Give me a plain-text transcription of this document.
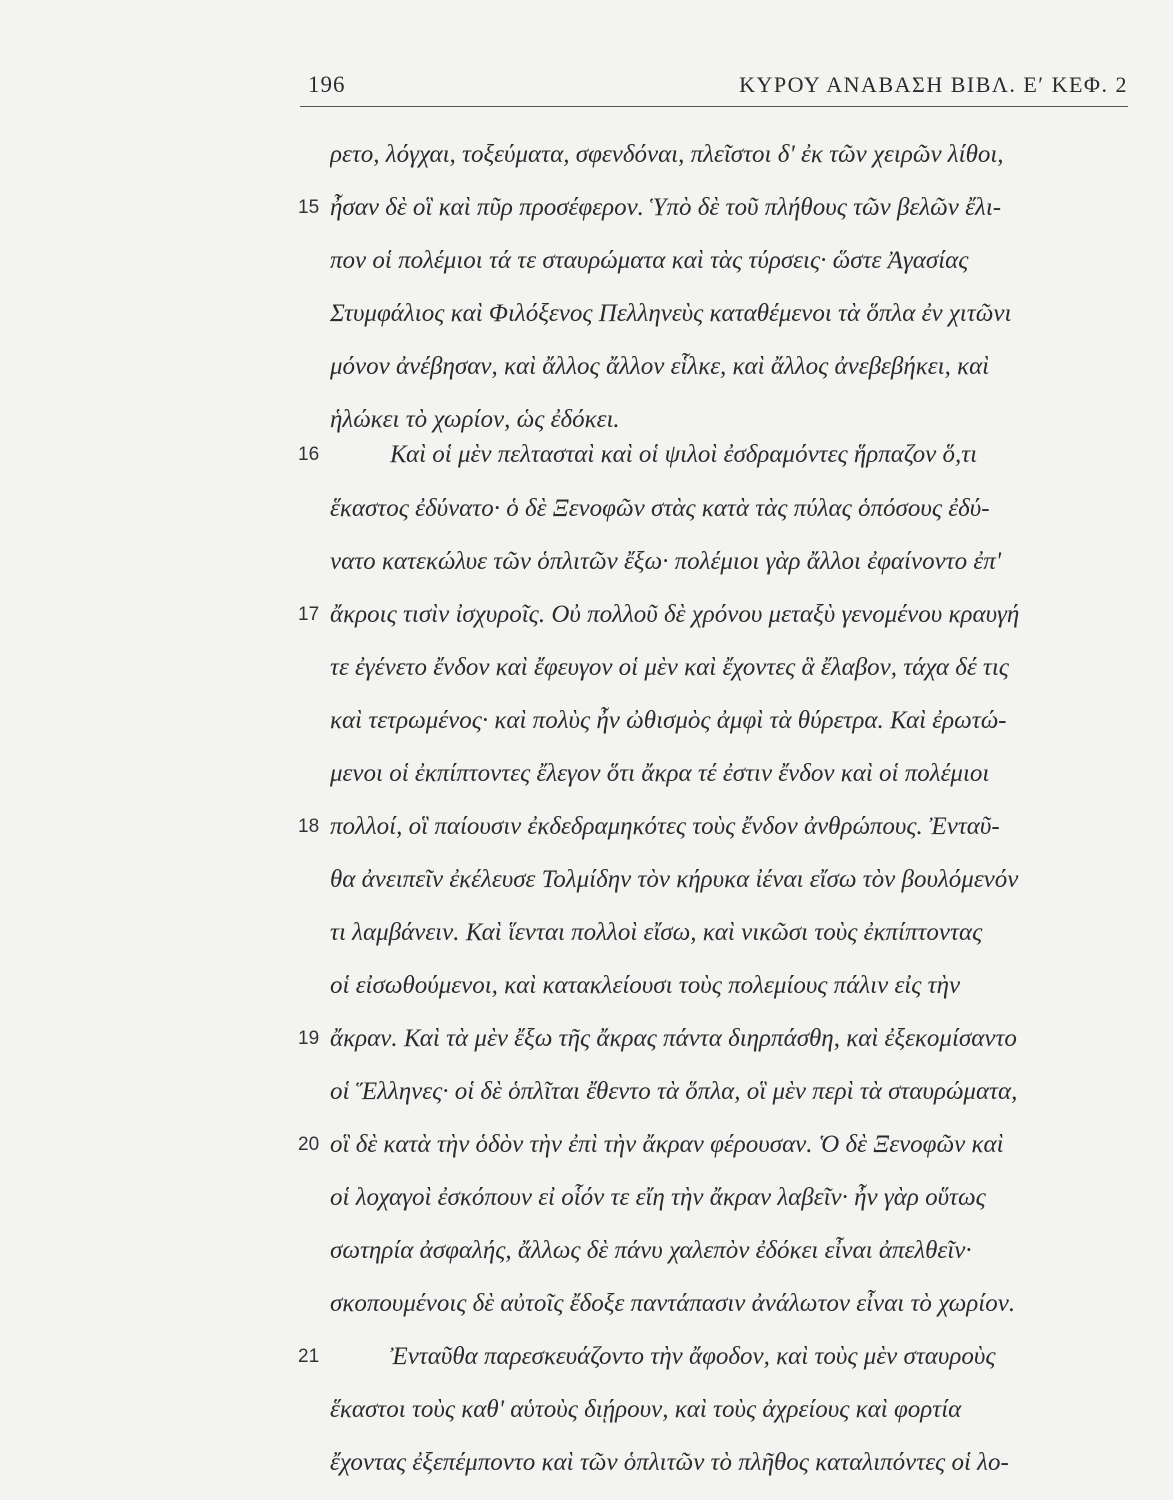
196	ΚΥΡΟΥ ΑΝΑΒΑΣΗ ΒΙΒΛ. Ε′ ΚΕΦ. 2
ρετο, λόγχαι, τοξεύματα, σφενδόναι, πλεῖστοι δ' ἐκ τῶν χειρῶν λίθοι,
ἦσαν δὲ οἳ καὶ πῦρ προσέφερον. Ὑπὸ δὲ τοῦ πλήθους τῶν βελῶν ἔλι-
πον οἱ πολέμιοι τά τε σταυρώματα καὶ τὰς τύρσεις· ὥστε Ἀγασίας
Στυμφάλιος καὶ Φιλόξενος Πελληνεὺς καταθέμενοι τὰ ὅπλα ἐν χιτῶνι
μόνον ἀνέβησαν, καὶ ἄλλος ἄλλον εἷλκε, καὶ ἄλλος ἀνεβεβήκει, καὶ
ἡλώκει τὸ χωρίον, ὡς ἐδόκει.
Καὶ οἱ μὲν πελτασταὶ καὶ οἱ ψιλοὶ ἐσδραμόντες ἥρπαζον ὅ,τι
ἕκαστος ἐδύνατο· ὁ δὲ Ξενοφῶν στὰς κατὰ τὰς πύλας ὁπόσους ἐδύ-
νατο κατεκώλυε τῶν ὁπλιτῶν ἔξω· πολέμιοι γὰρ ἄλλοι ἐφαίνοντο ἐπ'
ἄκροις τισὶν ἰσχυροῖς. Οὐ πολλοῦ δὲ χρόνου μεταξὺ γενομένου κραυγή
τε ἐγένετο ἔνδον καὶ ἔφευγον οἱ μὲν καὶ ἔχοντες ἃ ἔλαβον, τάχα δέ τις
καὶ τετρωμένος· καὶ πολὺς ἦν ὠθισμὸς ἀμφὶ τὰ θύρετρα. Καὶ ἐρωτώ-
μενοι οἱ ἐκπίπτοντες ἔλεγον ὅτι ἄκρα τέ ἐστιν ἔνδον καὶ οἱ πολέμιοι
πολλοί, οἳ παίουσιν ἐκδεδραμηκότες τοὺς ἔνδον ἀνθρώπους. Ἐνταῦ-
θα ἀνειπεῖν ἐκέλευσε Τολμίδην τὸν κήρυκα ἰέναι εἴσω τὸν βουλόμενόν
τι λαμβάνειν. Καὶ ἵενται πολλοὶ εἴσω, καὶ νικῶσι τοὺς ἐκπίπτοντας
οἱ εἰσωθούμενοι, καὶ κατακλείουσι τοὺς πολεμίους πάλιν εἰς τὴν
ἄκραν. Καὶ τὰ μὲν ἔξω τῆς ἄκρας πάντα διηρπάσθη, καὶ ἐξεκομίσαντο
οἱ Ἕλληνες· οἱ δὲ ὁπλῖται ἔθεντο τὰ ὅπλα, οἳ μὲν περὶ τὰ σταυρώματα,
οἳ δὲ κατὰ τὴν ὁδὸν τὴν ἐπὶ τὴν ἄκραν φέρουσαν. Ὁ δὲ Ξενοφῶν καὶ
οἱ λοχαγοὶ ἐσκόπουν εἰ οἷόν τε εἴη τὴν ἄκραν λαβεῖν· ἦν γὰρ οὕτως
σωτηρία ἀσφαλής, ἄλλως δὲ πάνυ χαλεπὸν ἐδόκει εἶναι ἀπελθεῖν·
σκοπουμένοις δὲ αὐτοῖς ἔδοξε παντάπασιν ἀνάλωτον εἶναι τὸ χωρίον.
Ἐνταῦθα παρεσκευάζοντο τὴν ἄφοδον, καὶ τοὺς μὲν σταυροὺς
ἕκαστοι τοὺς καθ' αὑτοὺς διῄρουν, καὶ τοὺς ἀχρείους καὶ φορτία
ἔχοντας ἐξεπέμποντο καὶ τῶν ὁπλιτῶν τὸ πλῆθος καταλιπόντες οἱ λο-
15
16
17
18
19
20
21
